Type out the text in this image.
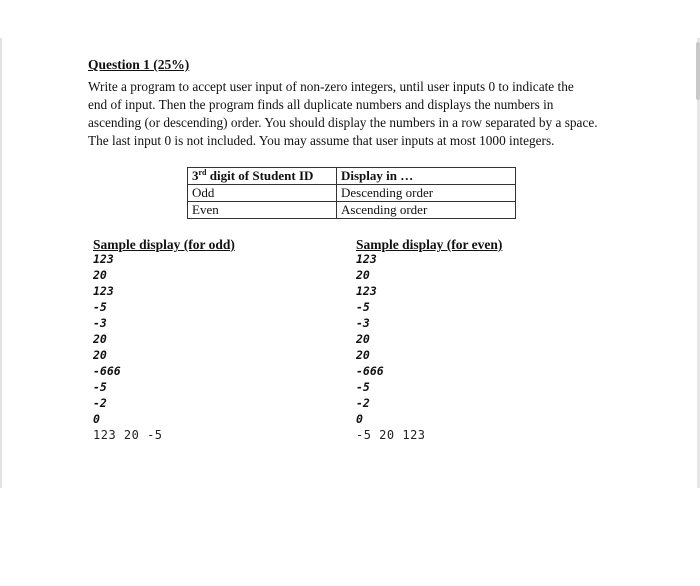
Question 1 (25%)
Write a program to accept user input of non-zero integers, until user inputs 0 to indicate the
end of input. Then the program finds all duplicate numbers and displays the numbers in
ascending (or descending) order. You should display the numbers in a row separated by a space.
The last input 0 is not included. You may assume that user inputs at most 1000 integers.
3rd digit of Student ID	Display in …
Odd	Descending order
Even	Ascending order
Sample display (for odd)	Sample display (for even)
123
20
123
-5
-3
20
20
-666
-5
-2
0
123 20 -5
123
20
123
-5
-3
20
20
-666
-5
-2
0
-5 20 123
